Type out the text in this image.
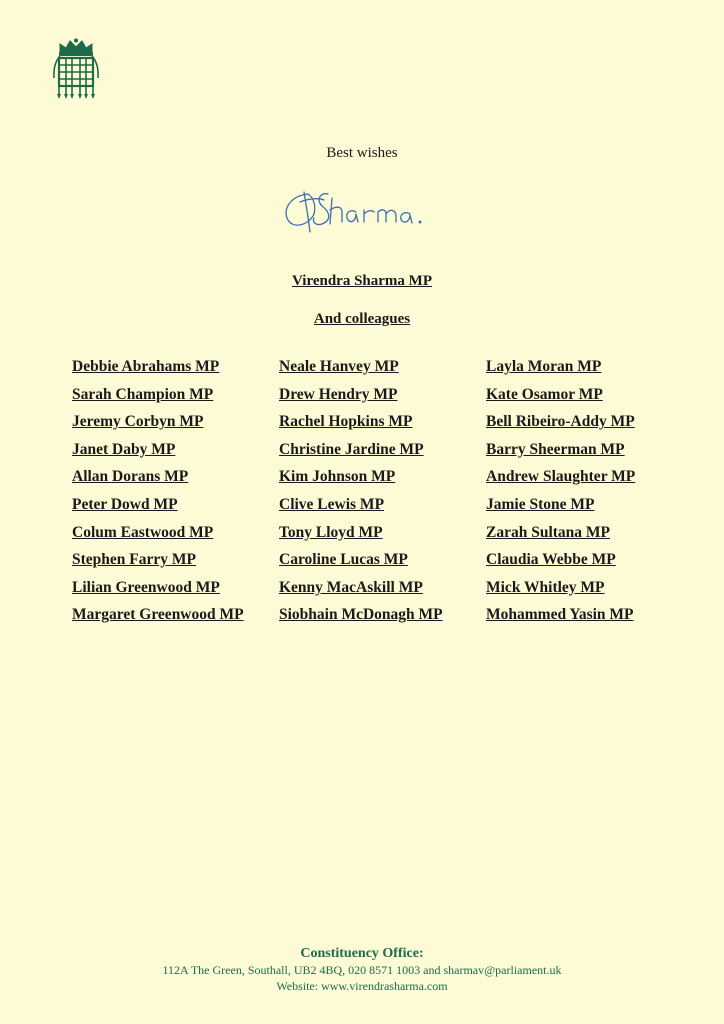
Best wishes
Virendra Sharma MP
And colleagues
Debbie Abrahams MP
Sarah Champion MP
Jeremy Corbyn MP
Janet Daby MP
Allan Dorans MP
Peter Dowd MP
Colum Eastwood MP
Stephen Farry MP
Lilian Greenwood MP
Margaret Greenwood MP
Neale Hanvey MP
Drew Hendry MP
Rachel Hopkins MP
Christine Jardine MP
Kim Johnson MP
Clive Lewis MP
Tony Lloyd MP
Caroline Lucas MP
Kenny MacAskill MP
Siobhain McDonagh MP
Layla Moran MP
Kate Osamor MP
Bell Ribeiro-Addy MP
Barry Sheerman MP
Andrew Slaughter MP
Jamie Stone MP
Zarah Sultana MP
Claudia Webbe MP
Mick Whitley MP
Mohammed Yasin MP
Constituency Office:
112A The Green, Southall, UB2 4BQ, 020 8571 1003 and sharmav@parliament.uk
Website: www.virendrasharma.com
